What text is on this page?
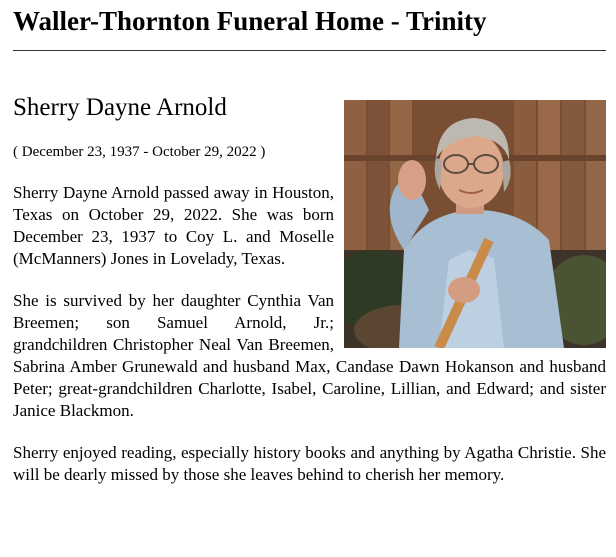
Waller-Thornton Funeral Home - Trinity
Sherry Dayne Arnold

( December 23, 1937 - October 29, 2022 )

Sherry Dayne Arnold passed away in Houston, Texas on October 29, 2022. She was born December 23, 1937 to Coy L. and Moselle (McManners) Jones in Lovelady, Texas.

She is survived by her daughter Cynthia Van Breemen; son Samuel Arnold, Jr.; grandchildren Christopher Neal Van Breemen, Sabrina Amber Grunewald and husband Max, Candase Dawn Hokanson and husband Peter; great-grandchildren Charlotte, Isabel, Caroline, Lillian, and Edward; and sister Janice Blackmon.

Sherry enjoyed reading, especially history books and anything by Agatha Christie. She will be dearly missed by those she leaves behind to cherish her memory.
